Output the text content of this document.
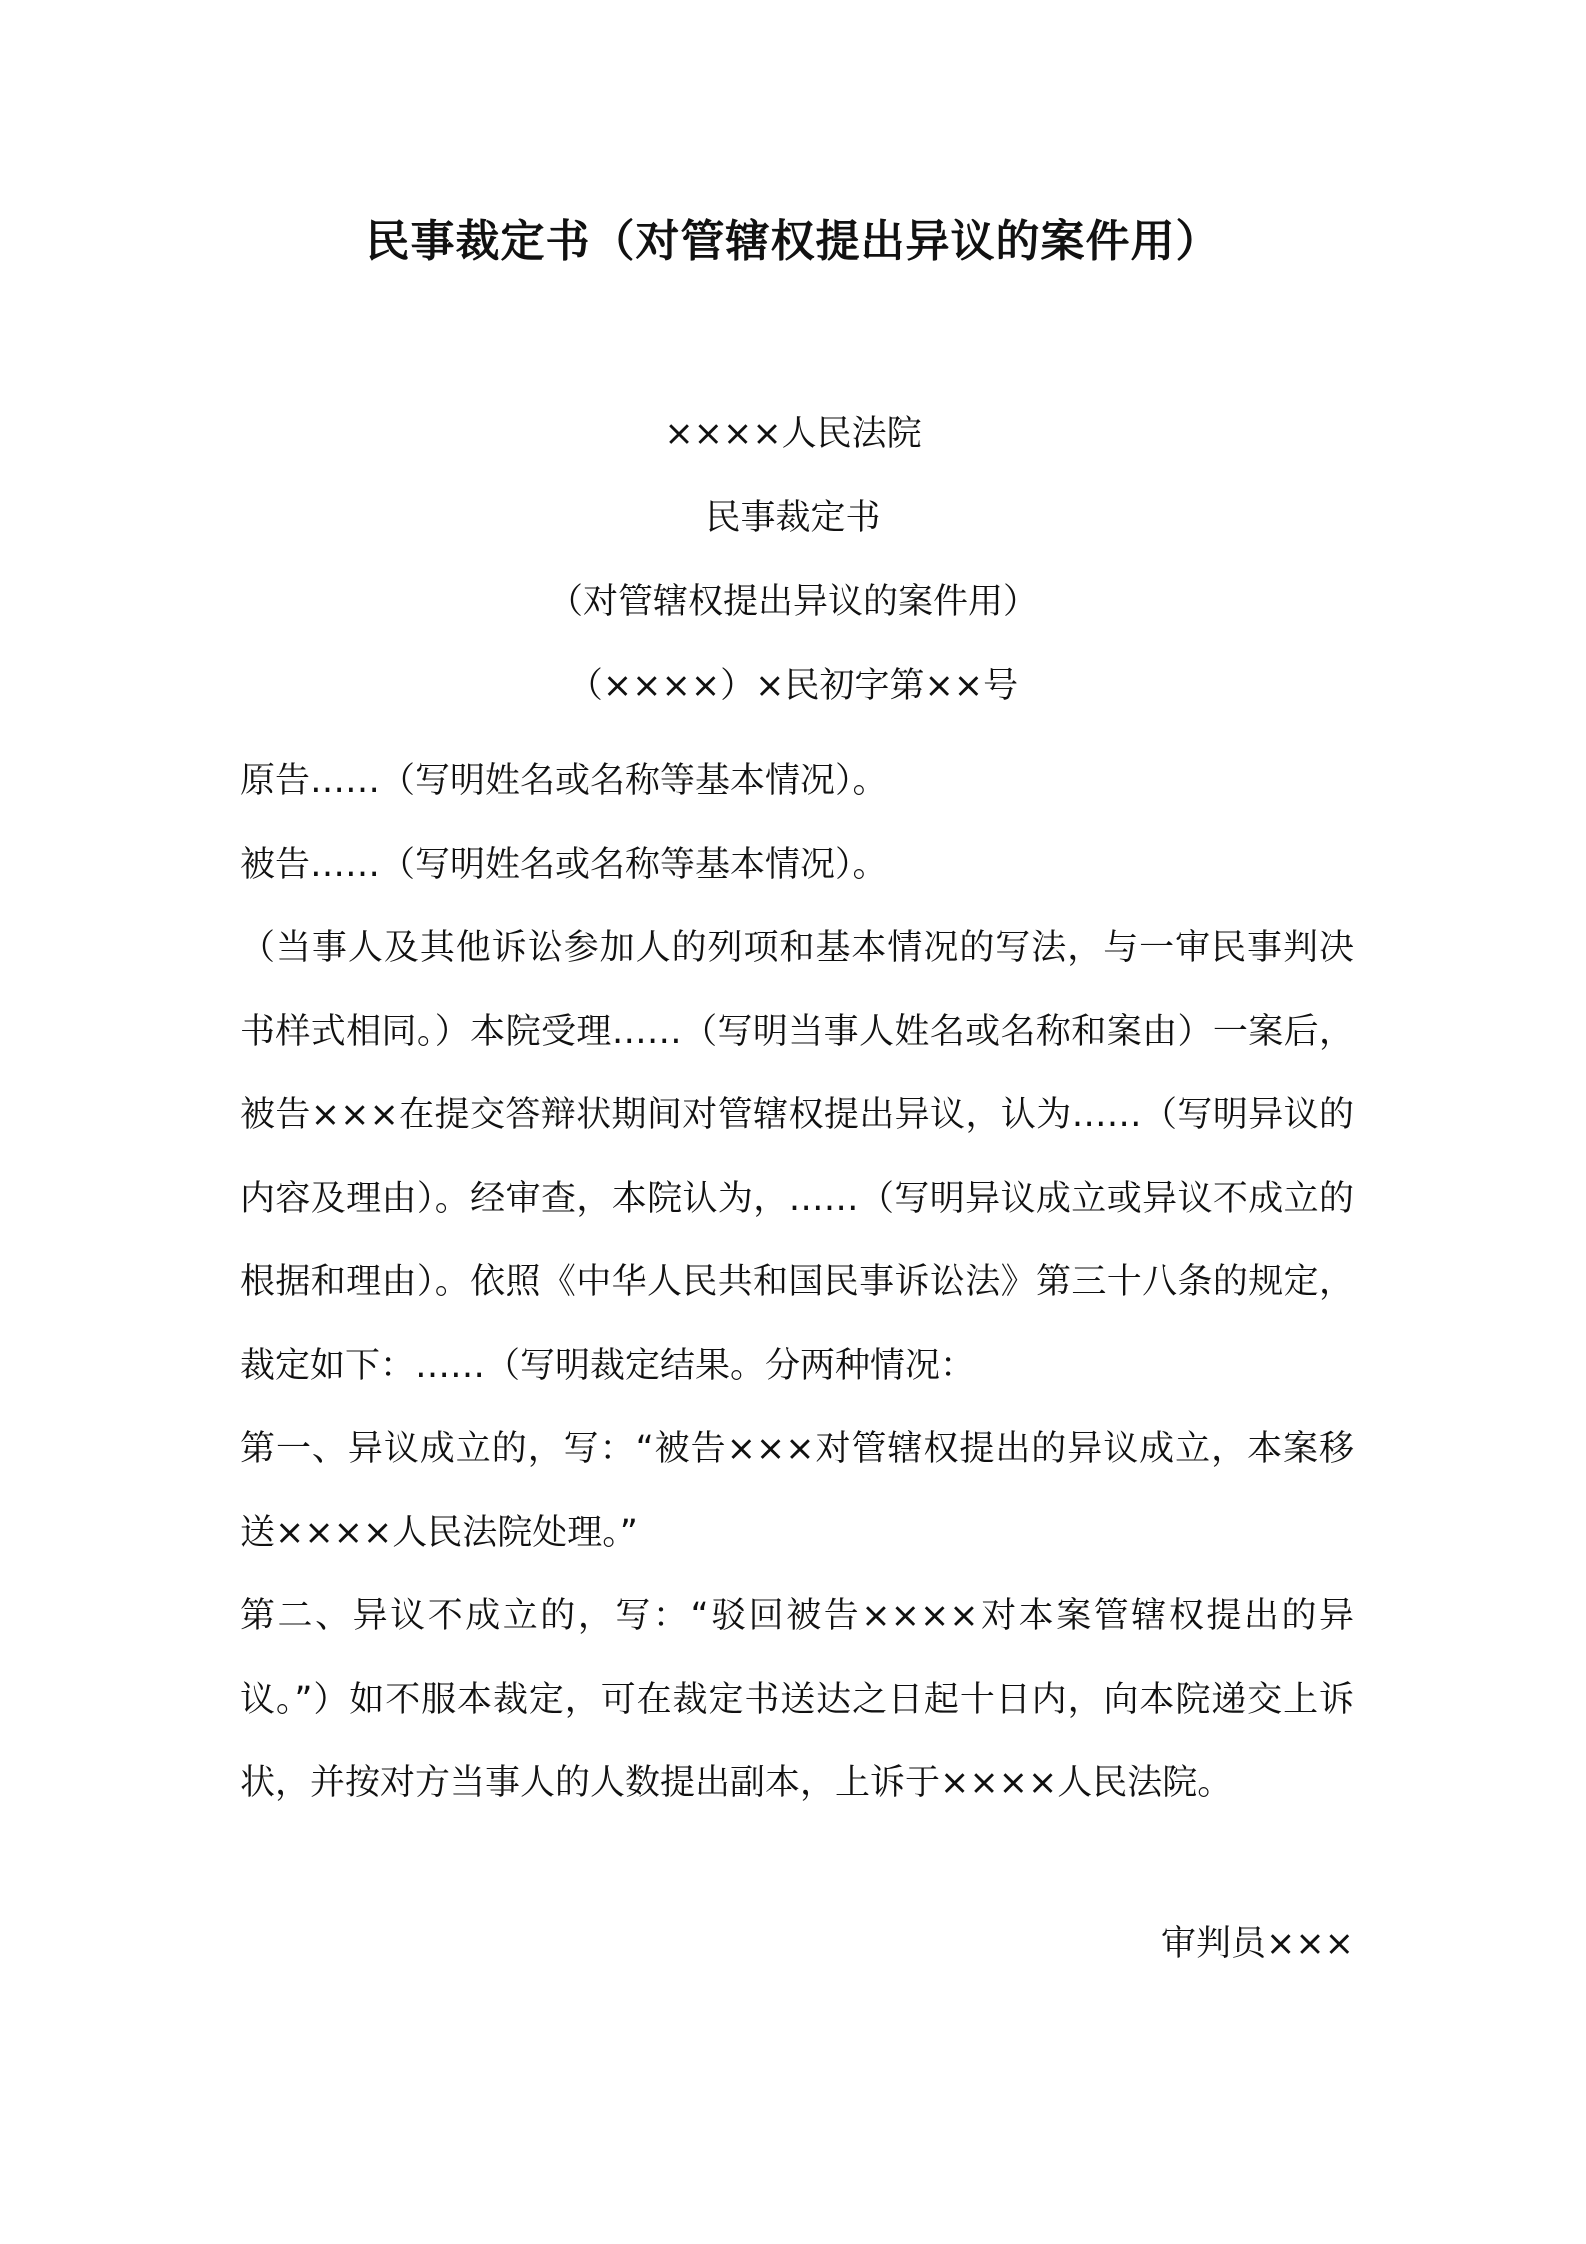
民事裁定书（对管辖权提出异议的案件用）
××××人民法院
民事裁定书
（对管辖权提出异议的案件用）
（××××）×民初字第××号

原告……（写明姓名或名称等基本情况）。

被告……（写明姓名或名称等基本情况）。

（当事人及其他诉讼参加人的列项和基本情况的写法，与一审民事判决书样式相同。）本院受理……（写明当事人姓名或名称和案由）一案后，被告×××在提交答辩状期间对管辖权提出异议，认为……（写明异议的内容及理由）。经审查，本院认为，……（写明异议成立或异议不成立的根据和理由）。依照《中华人民共和国民事诉讼法》第三十八条的规定，裁定如下：……（写明裁定结果。分两种情况：

第一、异议成立的，写：“被告×××对管辖权提出的异议成立，本案移送××××人民法院处理。”

第二、异议不成立的，写：“驳回被告××××对本案管辖权提出的异议。”）如不服本裁定，可在裁定书送达之日起十日内，向本院递交上诉状，并按对方当事人的人数提出副本，上诉于××××人民法院。

审判员×××
